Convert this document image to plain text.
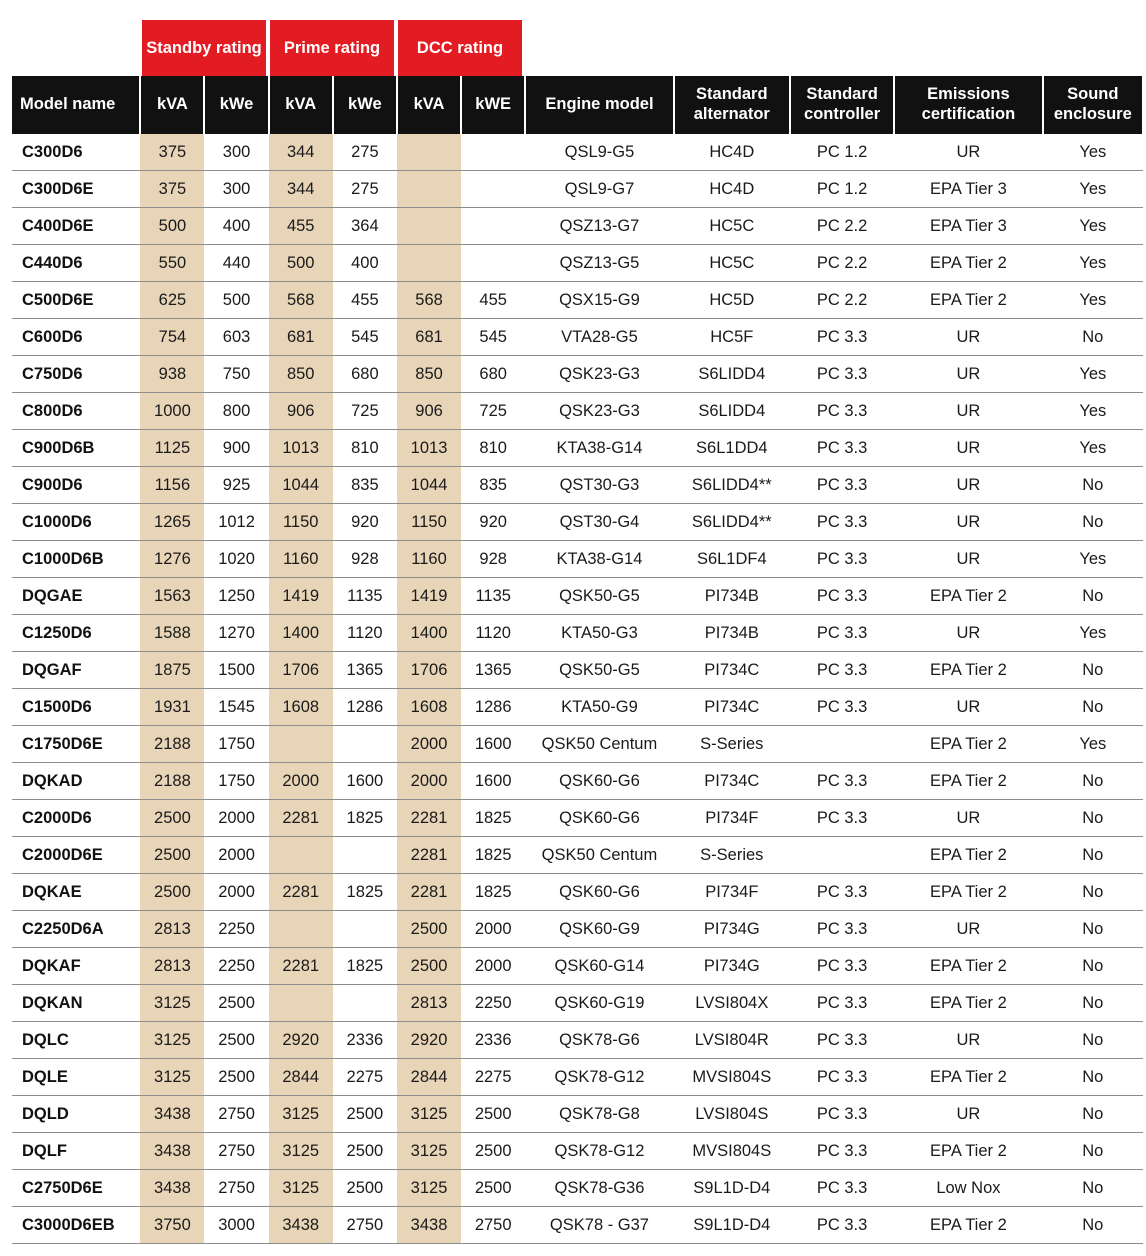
Standby rating	Prime rating	DCC rating
Model name	kVA	kWe	kVA	kWe	kVA	kWE	Engine model	Standard alternator	Standard controller	Emissions certification	Sound enclosure
C300D6	375	300	344	275			QSL9-G5	HC4D	PC 1.2	UR	Yes
C300D6E	375	300	344	275			QSL9-G7	HC4D	PC 1.2	EPA Tier 3	Yes
C400D6E	500	400	455	364			QSZ13-G7	HC5C	PC 2.2	EPA Tier 3	Yes
C440D6	550	440	500	400			QSZ13-G5	HC5C	PC 2.2	EPA Tier 2	Yes
C500D6E	625	500	568	455	568	455	QSX15-G9	HC5D	PC 2.2	EPA Tier 2	Yes
C600D6	754	603	681	545	681	545	VTA28-G5	HC5F	PC 3.3	UR	No
C750D6	938	750	850	680	850	680	QSK23-G3	S6LIDD4	PC 3.3	UR	Yes
C800D6	1000	800	906	725	906	725	QSK23-G3	S6LIDD4	PC 3.3	UR	Yes
C900D6B	1125	900	1013	810	1013	810	KTA38-G14	S6L1DD4	PC 3.3	UR	Yes
C900D6	1156	925	1044	835	1044	835	QST30-G3	S6LIDD4**	PC 3.3	UR	No
C1000D6	1265	1012	1150	920	1150	920	QST30-G4	S6LIDD4**	PC 3.3	UR	No
C1000D6B	1276	1020	1160	928	1160	928	KTA38-G14	S6L1DF4	PC 3.3	UR	Yes
DQGAE	1563	1250	1419	1135	1419	1135	QSK50-G5	PI734B	PC 3.3	EPA Tier 2	No
C1250D6	1588	1270	1400	1120	1400	1120	KTA50-G3	PI734B	PC 3.3	UR	Yes
DQGAF	1875	1500	1706	1365	1706	1365	QSK50-G5	PI734C	PC 3.3	EPA Tier 2	No
C1500D6	1931	1545	1608	1286	1608	1286	KTA50-G9	PI734C	PC 3.3	UR	No
C1750D6E	2188	1750			2000	1600	QSK50 Centum	S-Series		EPA Tier 2	Yes
DQKAD	2188	1750	2000	1600	2000	1600	QSK60-G6	PI734C	PC 3.3	EPA Tier 2	No
C2000D6	2500	2000	2281	1825	2281	1825	QSK60-G6	PI734F	PC 3.3	UR	No
C2000D6E	2500	2000			2281	1825	QSK50 Centum	S-Series		EPA Tier 2	No
DQKAE	2500	2000	2281	1825	2281	1825	QSK60-G6	PI734F	PC 3.3	EPA Tier 2	No
C2250D6A	2813	2250			2500	2000	QSK60-G9	PI734G	PC 3.3	UR	No
DQKAF	2813	2250	2281	1825	2500	2000	QSK60-G14	PI734G	PC 3.3	EPA Tier 2	No
DQKAN	3125	2500			2813	2250	QSK60-G19	LVSI804X	PC 3.3	EPA Tier 2	No
DQLC	3125	2500	2920	2336	2920	2336	QSK78-G6	LVSI804R	PC 3.3	UR	No
DQLE	3125	2500	2844	2275	2844	2275	QSK78-G12	MVSI804S	PC 3.3	EPA Tier 2	No
DQLD	3438	2750	3125	2500	3125	2500	QSK78-G8	LVSI804S	PC 3.3	UR	No
DQLF	3438	2750	3125	2500	3125	2500	QSK78-G12	MVSI804S	PC 3.3	EPA Tier 2	No
C2750D6E	3438	2750	3125	2500	3125	2500	QSK78-G36	S9L1D-D4	PC 3.3	Low Nox	No
C3000D6EB	3750	3000	3438	2750	3438	2750	QSK78 - G37	S9L1D-D4	PC 3.3	EPA Tier 2	No
